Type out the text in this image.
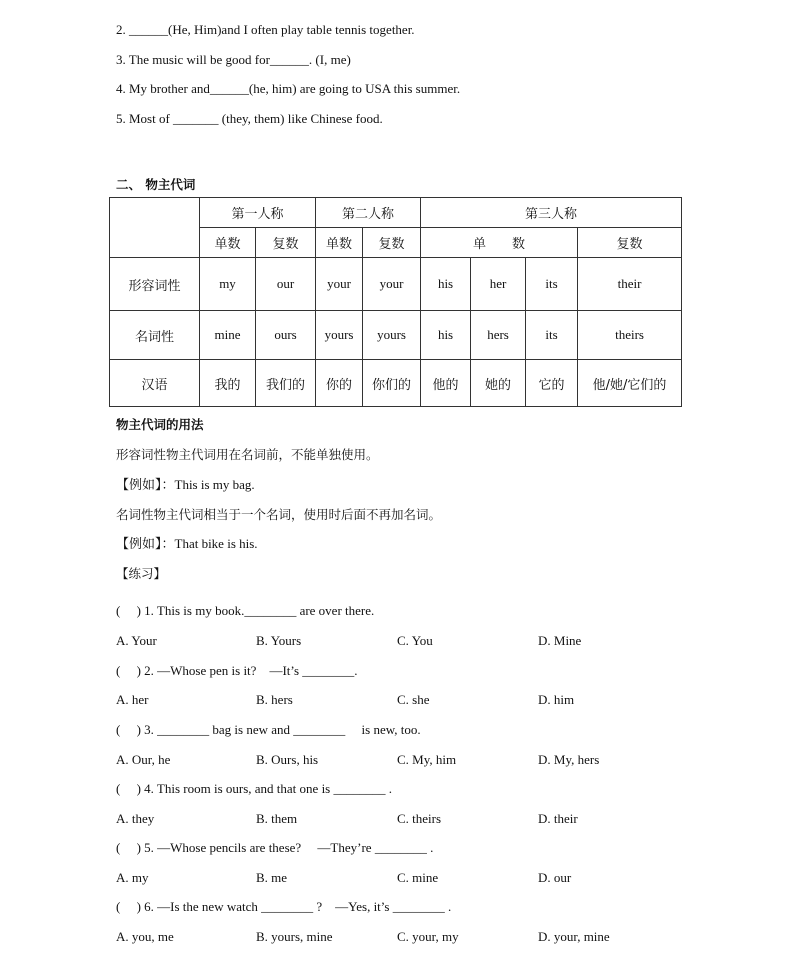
2. ______(He, Him)and I often play table tennis together.
3. The music will be good for______. (I, me)
4. My brother and______(he, him) are going to USA this summer.
5. Most of _______ (they, them) like Chinese food.
二、 物主代词
	第一人称		第二人称		第三人称			
	单数	复数	单数	复数	单　　数			复数
形容词性	my	our	your	your	his	her	its	their
名词性	mine	ours	yours	yours	his	hers	its	theirs
汉语	我的	我们的	你的	你们的	他的	她的	它的	他/她/它们的
物主代词的用法
形容词性物主代词用在名词前，不能单独使用。
【例如】：This is my bag.
名词性物主代词相当于一个名词，使用时后面不再加名词。
【例如】：That bike is his.
【练习】
(　 ) 1. This is my book.________ are over there.
A. Your	B. Yours	C. You	D. Mine
(　 ) 2. —Whose pen is it?　—It’s ________.
A. her	B. hers	C. she	D. him
(　 ) 3. ________ bag is new and ________　 is new, too.
A. Our, he	B. Ours, his	C. My, him	D. My, hers
(　 ) 4. This room is ours, and that one is ________ .
A. they	B. them	C. theirs	D. their
(　 ) 5. —Whose pencils are these?　 —They’re ________ .
A. my	B. me	C. mine	D. our
(　 ) 6. —Is the new watch ________ ?　—Yes, it’s ________ .
A. you, me	B. yours, mine	C. your, my	D. your, mine
